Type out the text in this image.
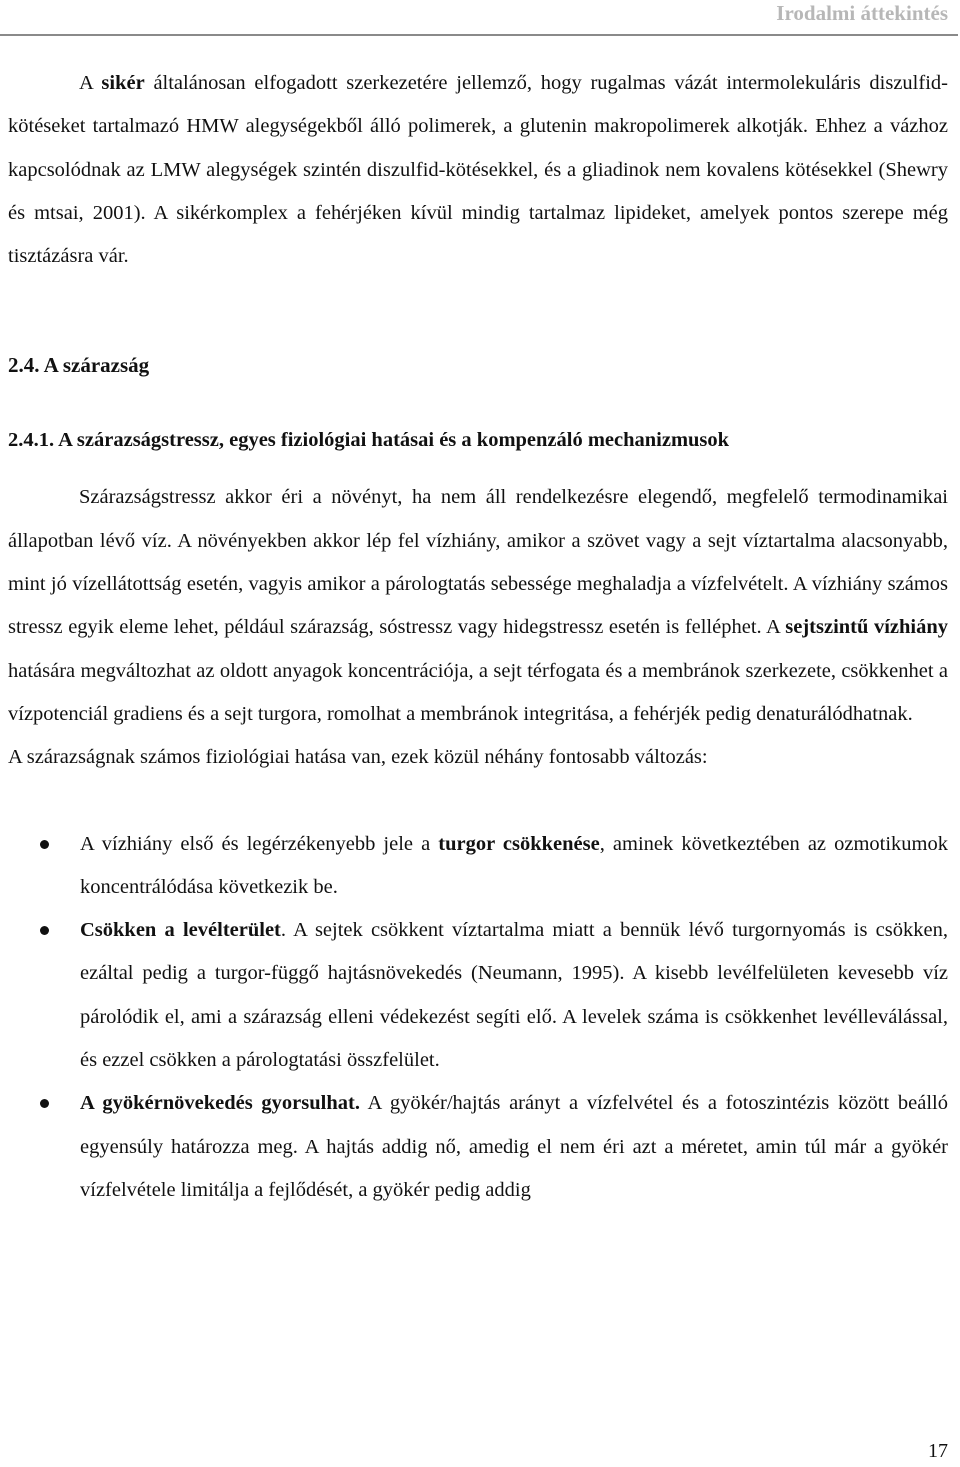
Irodalmi áttekintés

A sikér általánosan elfogadott szerkezetére jellemző, hogy rugalmas vázát intermolekuláris diszulfid-kötéseket tartalmazó HMW alegységekből álló polimerek, a glutenin makropolimerek alkotják. Ehhez a vázhoz kapcsolódnak az LMW alegységek szintén diszulfid-kötésekkel, és a gliadinok nem kovalens kötésekkel (Shewry és mtsai, 2001). A sikérkomplex a fehérjéken kívül mindig tartalmaz lipideket, amelyek pontos szerepe még tisztázásra vár.

2.4. A szárazság
2.4.1. A szárazságstressz, egyes fiziológiai hatásai és a kompenzáló mechanizmusok

Szárazságstressz akkor éri a növényt, ha nem áll rendelkezésre elegendő, megfelelő termodinamikai állapotban lévő víz. A növényekben akkor lép fel vízhiány, amikor a szövet vagy a sejt víztartalma alacsonyabb, mint jó vízellátottság esetén, vagyis amikor a párologtatás sebessége meghaladja a vízfelvételt. A vízhiány számos stressz egyik eleme lehet, például szárazság, sóstressz vagy hidegstressz esetén is felléphet. A sejtszintű vízhiány hatására megváltozhat az oldott anyagok koncentrációja, a sejt térfogata és a membránok szerkezete, csökkenhet a vízpotenciál gradiens és a sejt turgora, romolhat a membránok integritása, a fehérjék pedig denaturálódhatnak.

A szárazságnak számos fiziológiai hatása van, ezek közül néhány fontosabb változás:

A vízhiány első és legérzékenyebb jele a turgor csökkenése, aminek következtében az ozmotikumok koncentrálódása következik be.

Csökken a levélterület. A sejtek csökkent víztartalma miatt a bennük lévő turgornyomás is csökken, ezáltal pedig a turgor-függő hajtásnövekedés (Neumann, 1995). A kisebb levélfelületen kevesebb víz párolódik el, ami a szárazság elleni védekezést segíti elő. A levelek száma is csökkenhet levélleválással, és ezzel csökken a párologtatási összfelület.

A gyökérnövekedés gyorsulhat. A gyökér/hajtás arányt a vízfelvétel és a fotoszintézis között beálló egyensúly határozza meg. A hajtás addig nő, amedig el nem éri azt a méretet, amin túl már a gyökér vízfelvétele limitálja a fejlődését, a gyökér pedig addig

17
